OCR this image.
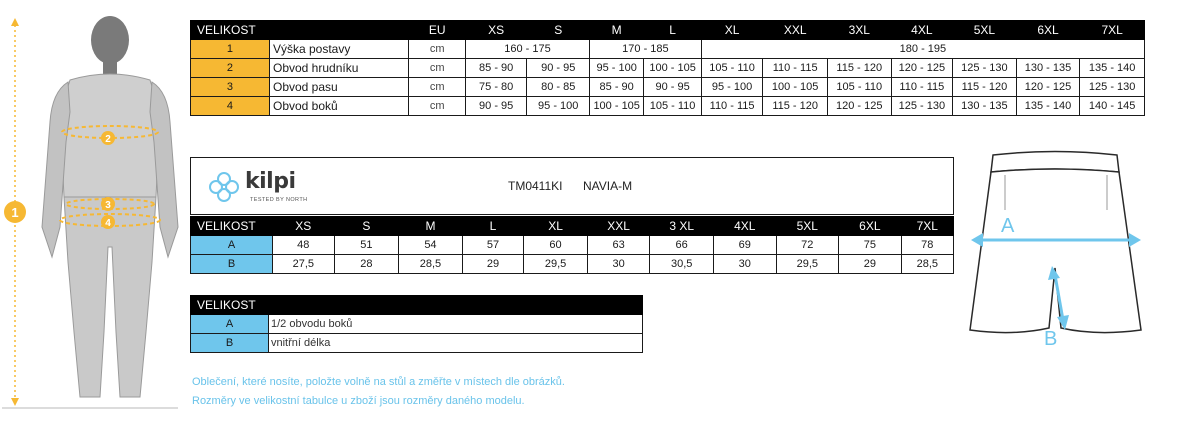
1
2
3
4
VELIKOST		EU	XS	S	M	L	XL	XXL	3XL	4XL	5XL	6XL	7XL
1	Výška postavy	cm	160 - 175		170 - 185		180 - 195						
2	Obvod hrudníku	cm	85 - 90	90 - 95	95 - 100	100 - 105	105 - 110	110 - 115	115 - 120	120 - 125	125 - 130	130 - 135	135 - 140
3	Obvod pasu	cm	75 - 80	80 - 85	85 - 90	90 - 95	95 - 100	100 - 105	105 - 110	110 - 115	115 - 120	120 - 125	125 - 130
4	Obvod boků	cm	90 - 95	95 - 100	100 - 105	105 - 110	110 - 115	115 - 120	120 - 125	125 - 130	130 - 135	135 - 140	140 - 145
kilpi
TESTED BY NORTH
TM0411KI NAVIA-M
VELIKOST	XS	S	M	L	XL	XXL	3 XL	4XL	5XL	6XL	7XL
A	48	51	54	57	60	63	66	69	72	75	78
B	27,5	28	28,5	29	29,5	30	30,5	30	29,5	29	28,5
VELIKOST	
A	1/2 obvodu boků
B	vnitřní délka
Oblečení, které nosíte, položte volně na stůl a změřte v místech dle obrázků.
Rozměry ve velikostní tabulce u zboží jsou rozměry daného modelu.
A
B
